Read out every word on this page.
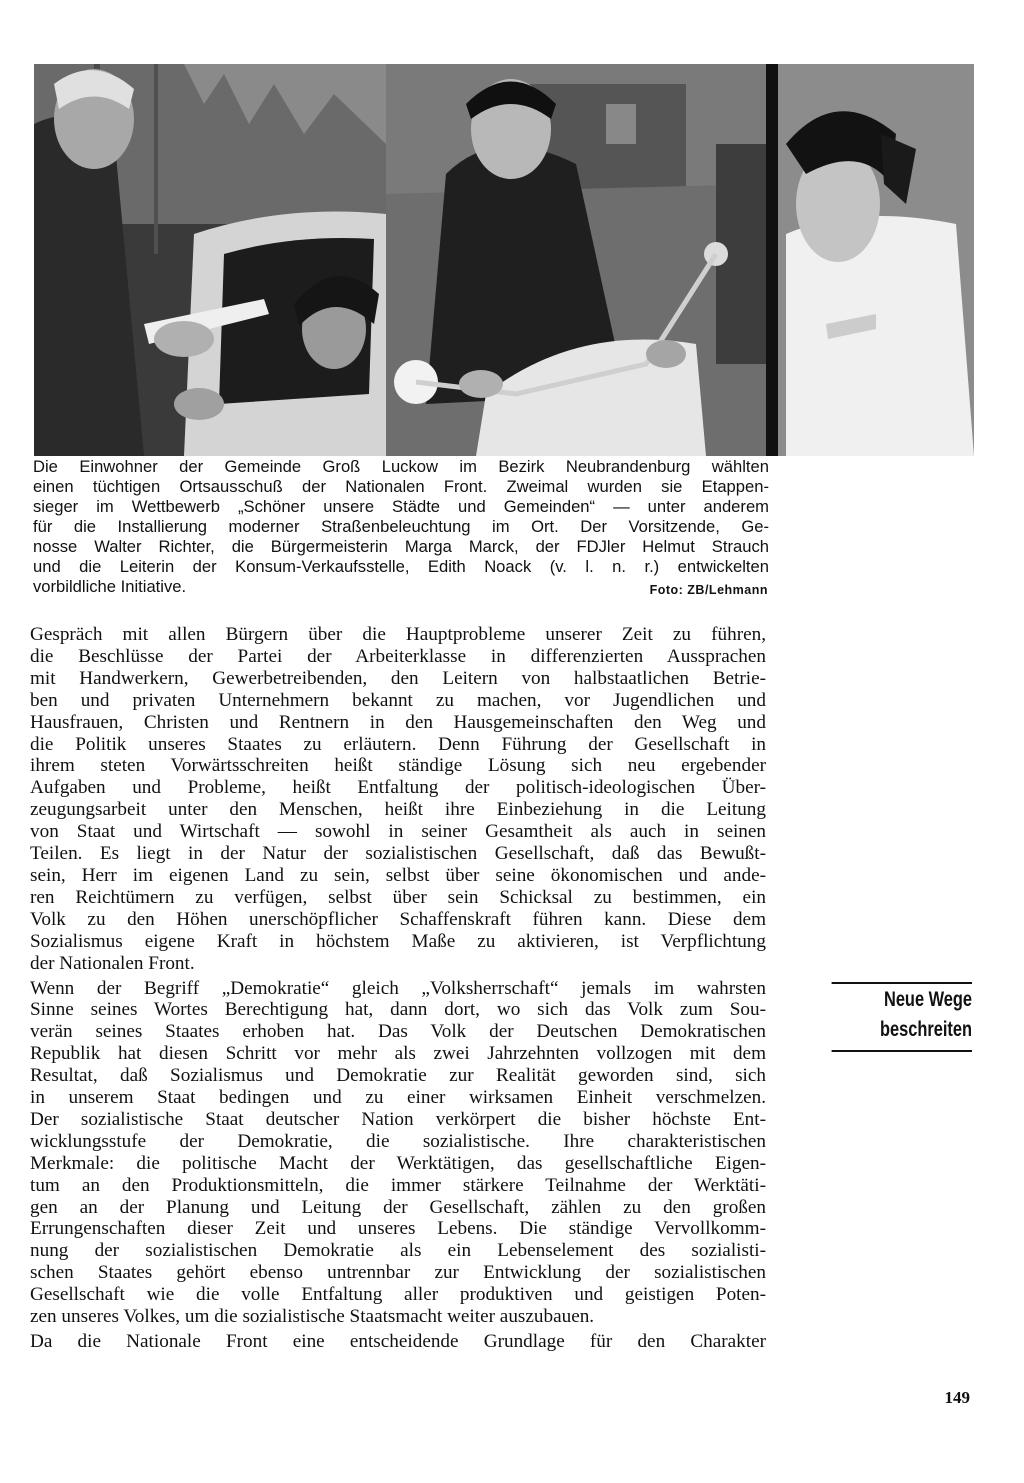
Die Einwohner der Gemeinde Groß Luckow im Bezirk Neubrandenburg wählten
einen tüchtigen Ortsausschuß der Nationalen Front. Zweimal wurden sie Etappen-
sieger im Wettbewerb „Schöner unsere Städte und Gemeinden“ — unter anderem
für die Installierung moderner Straßenbeleuchtung im Ort. Der Vorsitzende, Ge-
nosse Walter Richter, die Bürgermeisterin Marga Marck, der FDJler Helmut Strauch
und die Leiterin der Konsum-Verkaufsstelle, Edith Noack (v. l. n. r.) entwickelten
vorbildliche Initiative.	Foto: ZB/Lehmann

Gespräch mit allen Bürgern über die Hauptprobleme unserer Zeit zu führen,
die Beschlüsse der Partei der Arbeiterklasse in differenzierten Aussprachen
mit Handwerkern, Gewerbetreibenden, den Leitern von halbstaatlichen Betrie-
ben und privaten Unternehmern bekannt zu machen, vor Jugendlichen und
Hausfrauen, Christen und Rentnern in den Hausgemeinschaften den Weg und
die Politik unseres Staates zu erläutern. Denn Führung der Gesellschaft in
ihrem steten Vorwärtsschreiten heißt ständige Lösung sich neu ergebender
Aufgaben und Probleme, heißt Entfaltung der politisch-ideologischen Über-
zeugungsarbeit unter den Menschen, heißt ihre Einbeziehung in die Leitung
von Staat und Wirtschaft — sowohl in seiner Gesamtheit als auch in seinen
Teilen. Es liegt in der Natur der sozialistischen Gesellschaft, daß das Bewußt-
sein, Herr im eigenen Land zu sein, selbst über seine ökonomischen und ande-
ren Reichtümern zu verfügen, selbst über sein Schicksal zu bestimmen, ein
Volk zu den Höhen unerschöpflicher Schaffenskraft führen kann. Diese dem
Sozialismus eigene Kraft in höchstem Maße zu aktivieren, ist Verpflichtung
der Nationalen Front.

Wenn der Begriff „Demokratie“ gleich „Volksherrschaft“ jemals im wahrsten
Sinne seines Wortes Berechtigung hat, dann dort, wo sich das Volk zum Sou-
verän seines Staates erhoben hat. Das Volk der Deutschen Demokratischen
Republik hat diesen Schritt vor mehr als zwei Jahrzehnten vollzogen mit dem
Resultat, daß Sozialismus und Demokratie zur Realität geworden sind, sich
in unserem Staat bedingen und zu einer wirksamen Einheit verschmelzen.
Der sozialistische Staat deutscher Nation verkörpert die bisher höchste Ent-
wicklungsstufe der Demokratie, die sozialistische. Ihre charakteristischen
Merkmale: die politische Macht der Werktätigen, das gesellschaftliche Eigen-
tum an den Produktionsmitteln, die immer stärkere Teilnahme der Werktäti-
gen an der Planung und Leitung der Gesellschaft, zählen zu den großen
Errungenschaften dieser Zeit und unseres Lebens. Die ständige Vervollkomm-
nung der sozialistischen Demokratie als ein Lebenselement des sozialisti-
schen Staates gehört ebenso untrennbar zur Entwicklung der sozialistischen
Gesellschaft wie die volle Entfaltung aller produktiven und geistigen Poten-
zen unseres Volkes, um die sozialistische Staatsmacht weiter auszubauen.

Da die Nationale Front eine entscheidende Grundlage für den Charakter

Neue Wege
beschreiten
149
